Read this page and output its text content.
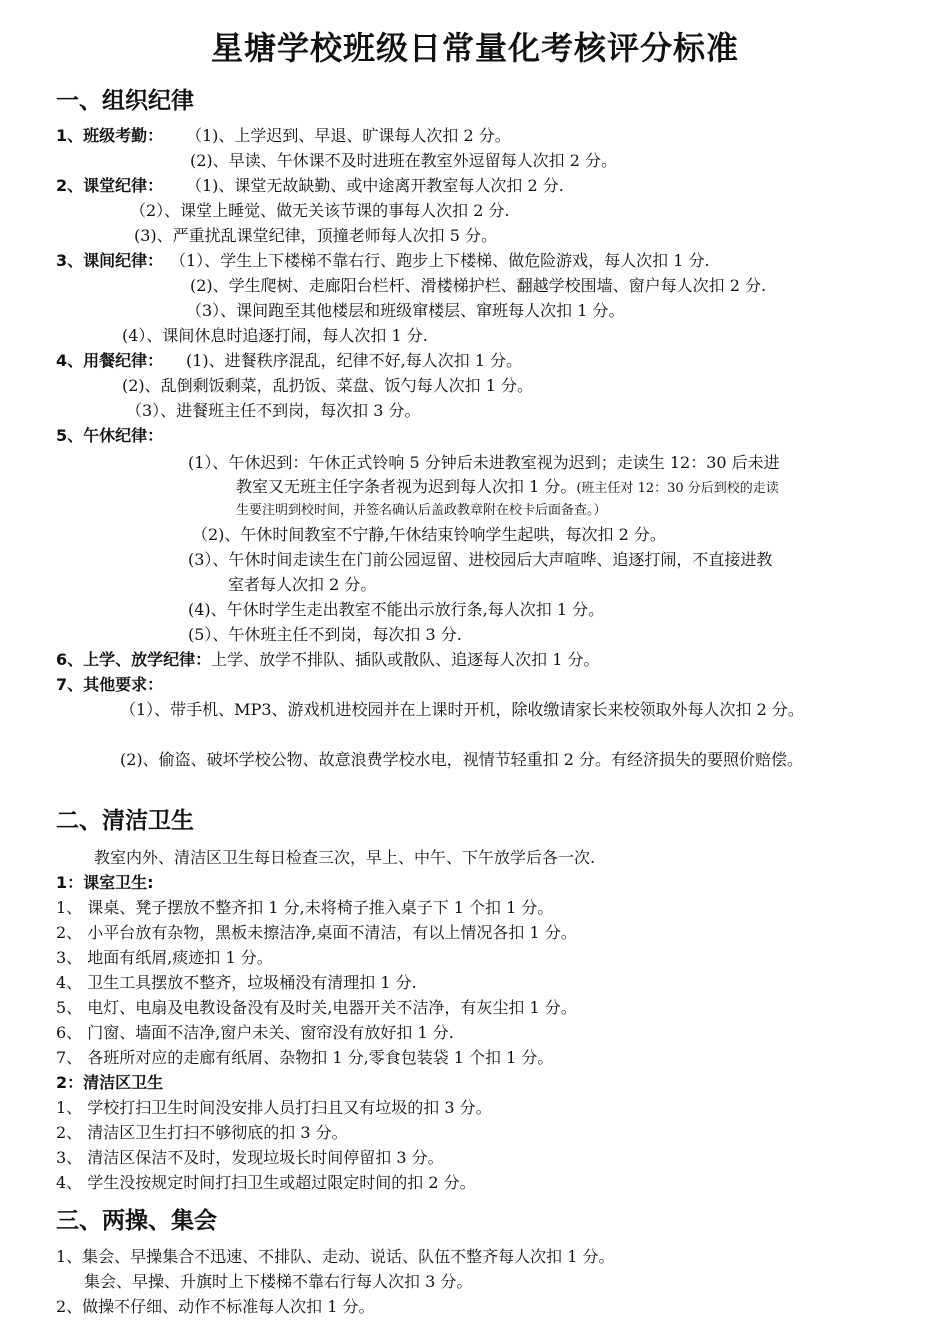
星塘学校班级日常量化考核评分标准
一、组织纪律
1、班级考勤： （1)、上学迟到、早退、旷课每人次扣 2 分。
(2)、早读、午休课不及时进班在教室外逗留每人次扣 2 分。
2、课堂纪律： （1)、课堂无故缺勤、或中途离开教室每人次扣 2 分.
（2）、课堂上睡觉、做无关该节课的事每人次扣 2 分.
(3)、严重扰乱课堂纪律，顶撞老师每人次扣 5 分。
3、课间纪律： （1）、学生上下楼梯不靠右行、跑步上下楼梯、做危险游戏，每人次扣 1 分.
(2)、学生爬树、走廊阳台栏杆、滑楼梯护栏、翻越学校围墙、窗户每人次扣 2 分.
（3）、课间跑至其他楼层和班级窜楼层、窜班每人次扣 1 分。
(4）、课间休息时追逐打闹，每人次扣 1 分.
4、用餐纪律： (1)、进餐秩序混乱，纪律不好,每人次扣 1 分。
(2)、乱倒剩饭剩菜，乱扔饭、菜盘、饭勺每人次扣 1 分。
（3）、进餐班主任不到岗，每次扣 3 分。
5、午休纪律：
(1）、午休迟到：午休正式铃响 5 分钟后未进教室视为迟到；走读生 12：30 后未进
教室又无班主任字条者视为迟到每人次扣 1 分。(班主任对 12：30 分后到校的走读
生要注明到校时间，并签名确认后盖政教章附在校卡后面备查。）
（2)、午休时间教室不宁静,午休结束铃响学生起哄，每次扣 2 分。
(3）、午休时间走读生在门前公园逗留、进校园后大声喧哗、追逐打闹，不直接进教
室者每人次扣 2 分。
(4)、午休时学生走出教室不能出示放行条,每人次扣 1 分。
(5）、午休班主任不到岗，每次扣 3 分.
6、上学、放学纪律：上学、放学不排队、插队或散队、追逐每人次扣 1 分。
7、其他要求：
（1）、带手机、MP3、游戏机进校园并在上课时开机，除收缴请家长来校领取外每人次扣 2 分。
(2)、偷盗、破坏学校公物、故意浪费学校水电，视情节轻重扣 2 分。有经济损失的要照价赔偿。
二、清洁卫生
教室内外、清洁区卫生每日检查三次，早上、中午、下午放学后各一次.
1：课室卫生:
1、 课桌、凳子摆放不整齐扣 1 分,未将椅子推入桌子下 1 个扣 1 分。
2、 小平台放有杂物，黑板未擦洁净,桌面不清洁，有以上情况各扣 1 分。
3、 地面有纸屑,痰迹扣 1 分。
4、 卫生工具摆放不整齐，垃圾桶没有清理扣 1 分.
5、 电灯、电扇及电教设备没有及时关,电器开关不洁净，有灰尘扣 1 分。
6、 门窗、墙面不洁净,窗户未关、窗帘没有放好扣 1 分.
7、 各班所对应的走廊有纸屑、杂物扣 1 分,零食包装袋 1 个扣 1 分。
2：清洁区卫生
1、 学校打扫卫生时间没安排人员打扫且又有垃圾的扣 3 分。
2、 清洁区卫生打扫不够彻底的扣 3 分。
3、 清洁区保洁不及时，发现垃圾长时间停留扣 3 分。
4、 学生没按规定时间打扫卫生或超过限定时间的扣 2 分。
三、两操、集会
1、集会、早操集合不迅速、不排队、走动、说话、队伍不整齐每人次扣 1 分。
集会、早操、升旗时上下楼梯不靠右行每人次扣 3 分。
2、做操不仔细、动作不标准每人次扣 1 分。
